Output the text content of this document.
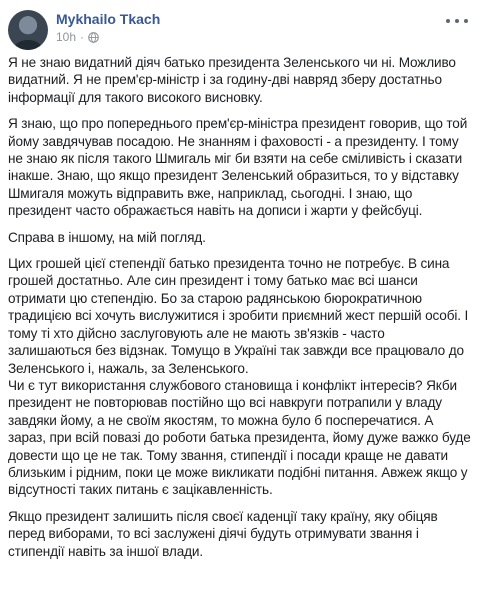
Mykhailo Tkach
10h ·

Я не знаю видатний діяч батько президента Зеленського чи ні. Можливо видатний. Я не прем'єр-міністр і за годину-дві навряд зберу достатньо інформації для такого високого висновку.

Я знаю, що про попереднього прем'єр-міністра президент говорив, що той йому завдячував посадою. Не знанням і фаховості - а президенту. І тому не знаю як після такого Шмигаль міг би взяти на себе сміливість і сказати інакше. Знаю, що якщо президент Зеленський образиться, то у відставку Шмигаля можуть відправить вже, наприклад, сьогодні. І знаю, що президент часто ображається навіть на дописи і жарти у фейсбуці.

Справа в іншому, на мій погляд.

Цих грошей цієї степендії батько президента точно не потребує. В сина грошей достатньо. Але син президент і тому батько має всі шанси отримати цю степендію. Бо за старою радянською бюрократичною традицією всі хочуть вислужитися і зробити приємний жест першій особі. І тому ті хто дійсно заслуговують але не мають зв'язків - часто залишаються без відзнак. Томущо в Україні так завжди все працювало до Зеленського і, нажаль, за Зеленського.
Чи є тут використання службового становища і конфлікт інтересів? Якби президент не повторював постійно що всі навкруги потрапили у владу завдяки йому, а не своїм якостям, то можна було б посперечатися. А зараз, при всій повазі до роботи батька президента, йому дуже важко буде довести що це не так. Тому звання, стипендії і посади краще не давати близьким і рідним, поки це може викликати подібні питання. Авжеж якщо у відсутності таких питань є зацікавленність.

Якщо президент залишить після своєї каденції таку країну, яку обіцяв перед виборами, то всі заслужені діячі будуть отримувати звання і стипендії навіть за іншої влади.
